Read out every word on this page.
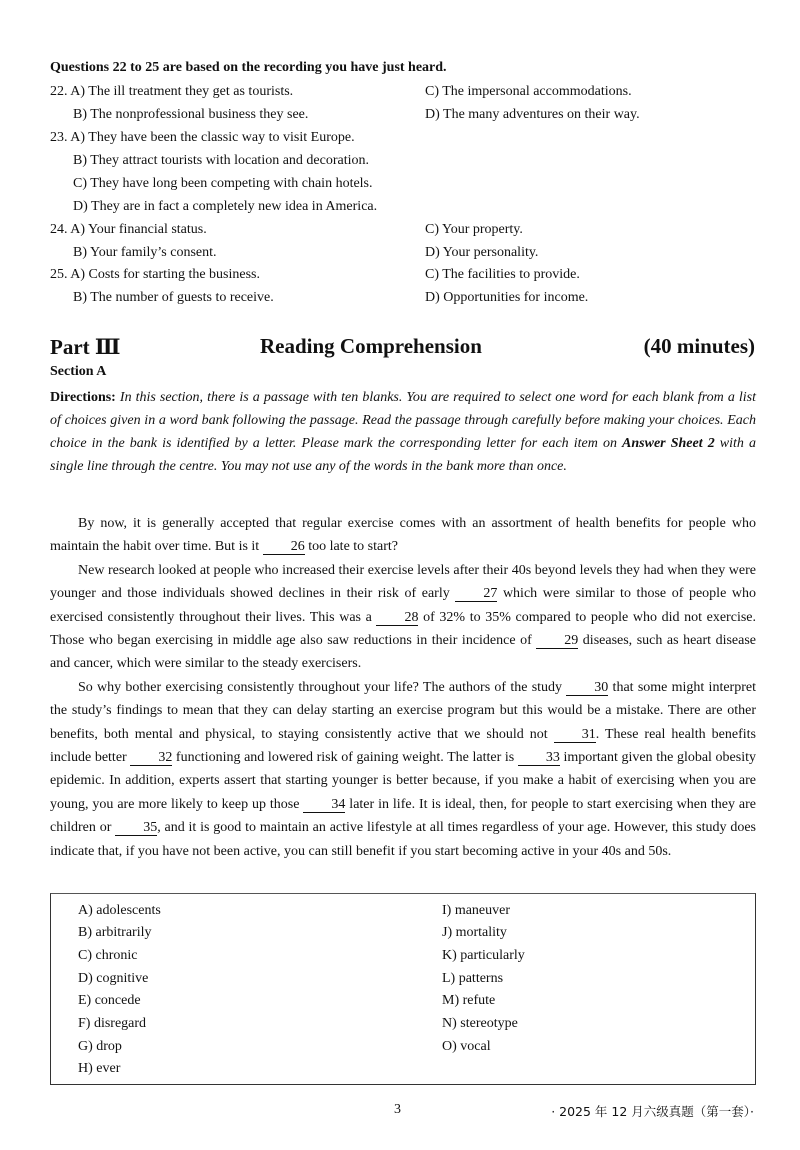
Questions 22 to 25 are based on the recording you have just heard.
22. A) The ill treatment they get as tourists.	C) The impersonal accommodations.
B) The nonprofessional business they see.	D) The many adventures on their way.
23. A) They have been the classic way to visit Europe.
B) They attract tourists with location and decoration.
C) They have long been competing with chain hotels.
D) They are in fact a completely new idea in America.
24. A) Your financial status.	C) Your property.
B) Your family’s consent.	D) Your personality.
25. A) Costs for starting the business.	C) The facilities to provide.
B) The number of guests to receive.	D) Opportunities for income.
Part Ⅲ	Reading Comprehension	(40 minutes)
Section A
Directions: In this section, there is a passage with ten blanks. You are required to select one word for each blank from a list of choices given in a word bank following the passage. Read the passage through carefully before making your choices. Each choice in the bank is identified by a letter. Please mark the corresponding letter for each item on Answer Sheet 2 with a single line through the centre. You may not use any of the words in the bank more than once.

By now, it is generally accepted that regular exercise comes with an assortment of health benefits for people who maintain the habit over time. But is it 26 too late to start?

New research looked at people who increased their exercise levels after their 40s beyond levels they had when they were younger and those individuals showed declines in their risk of early 27 which were similar to those of people who exercised consistently throughout their lives. This was a 28 of 32% to 35% compared to people who did not exercise. Those who began exercising in middle age also saw reductions in their incidence of 29 diseases, such as heart disease and cancer, which were similar to the steady exercisers.

So why bother exercising consistently throughout your life? The authors of the study 30 that some might interpret the study’s findings to mean that they can delay starting an exercise program but this would be a mistake. There are other benefits, both mental and physical, to staying consistently active that we should not 31. These real health benefits include better 32 functioning and lowered risk of gaining weight. The latter is 33 important given the global obesity epidemic. In addition, experts assert that starting younger is better because, if you make a habit of exercising when you are young, you are more likely to keep up those 34 later in life. It is ideal, then, for people to start exercising when they are children or 35, and it is good to maintain an active lifestyle at all times regardless of your age. However, this study does indicate that, if you have not been active, you can still benefit if you start becoming active in your 40s and 50s.

A) adolescents
B) arbitrarily
C) chronic
D) cognitive
E) concede
F) disregard
G) drop
H) ever
I) maneuver
J) mortality
K) particularly
L) patterns
M) refute
N) stereotype
O) vocal
3	· 2025 年 12 月六级真题（第一套）·
